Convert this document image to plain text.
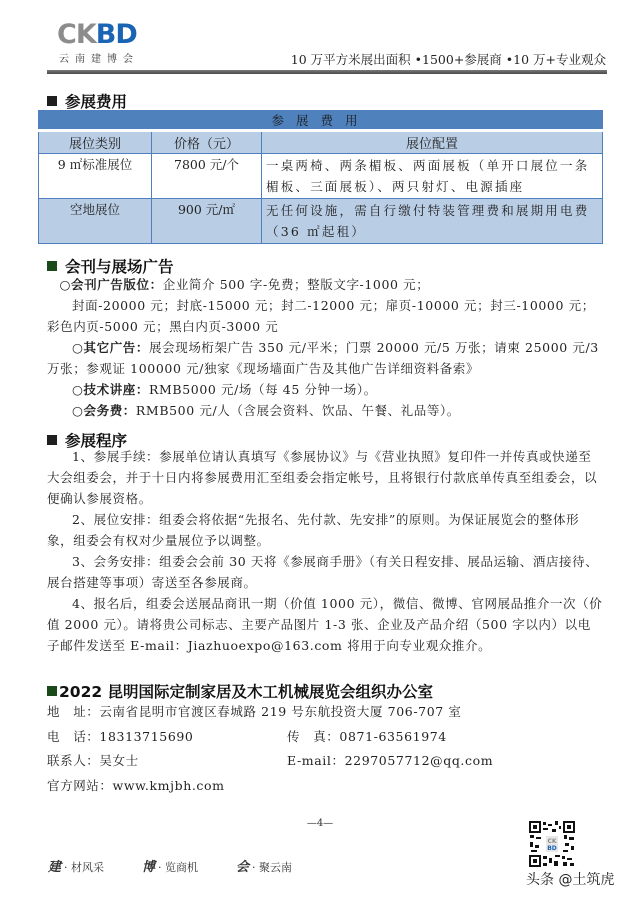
CKBD
云南建博会	10 万平方米展出面积 •1500+参展商 •10 万+专业观众
参展费用
参展费用		
展位类别	价格（元）	展位配置
9 ㎡标准展位	7800 元/个	一桌两椅、两条楣板、两面展板（单开口展位一条楣板、三面展板）、两只射灯、电源插座
空地展位	900 元/㎡	无任何设施，需自行缴付特装管理费和展期用电费（36 ㎡起租）
会刊与展场广告

○会刊广告版位：企业简介 500 字-免费；整版文字-1000 元；

封面-20000 元；封底-15000 元；封二-12000 元；扉页-10000 元；封三-10000 元；彩色内页-5000 元；黑白内页-3000 元

○其它广告：展会现场桁架广告 350 元/平米；门票 20000 元/5 万张；请柬 25000 元/3 万张；参观证 100000 元/独家《现场墙面广告及其他广告详细资料备索》

○技术讲座：RMB5000 元/场（每 45 分钟一场）。

○会务费：RMB500 元/人（含展会资料、饮品、午餐、礼品等）。

参展程序

1、参展手续：参展单位请认真填写《参展协议》与《营业执照》复印件一并传真或快递至大会组委会，并于十日内将参展费用汇至组委会指定帐号，且将银行付款底单传真至组委会，以便确认参展资格。

2、展位安排：组委会将依据“先报名、先付款、先安排”的原则。为保证展览会的整体形象，组委会有权对少量展位予以调整。

3、会务安排：组委会会前 30 天将《参展商手册》（有关日程安排、展品运输、酒店接待、展台搭建等事项）寄送至各参展商。

4、报名后，组委会送展品商讯一期（价值 1000 元），微信、微博、官网展品推介一次（价值 2000 元）。请将贵公司标志、主要产品图片 1-3 张、企业及产品介绍（500 字以内）以电子邮件发送至 E-mail：Jiazhuoexpo@163.com 将用于向专业观众推介。

2022 昆明国际定制家居及木工机械展览会组织办公室
地　址： 云南省昆明市官渡区春城路 219 号东航投资大厦 706-707 室
电　话：18313715690	传　真：0871-63561974
联系人：吴女士	E-mail：2297057712@qq.com
官方网站： www.kmjbh.com
—4—
建 · 材风采	博 · 览商机	会 · 聚云南
CK
BD
头条 @土筑虎
